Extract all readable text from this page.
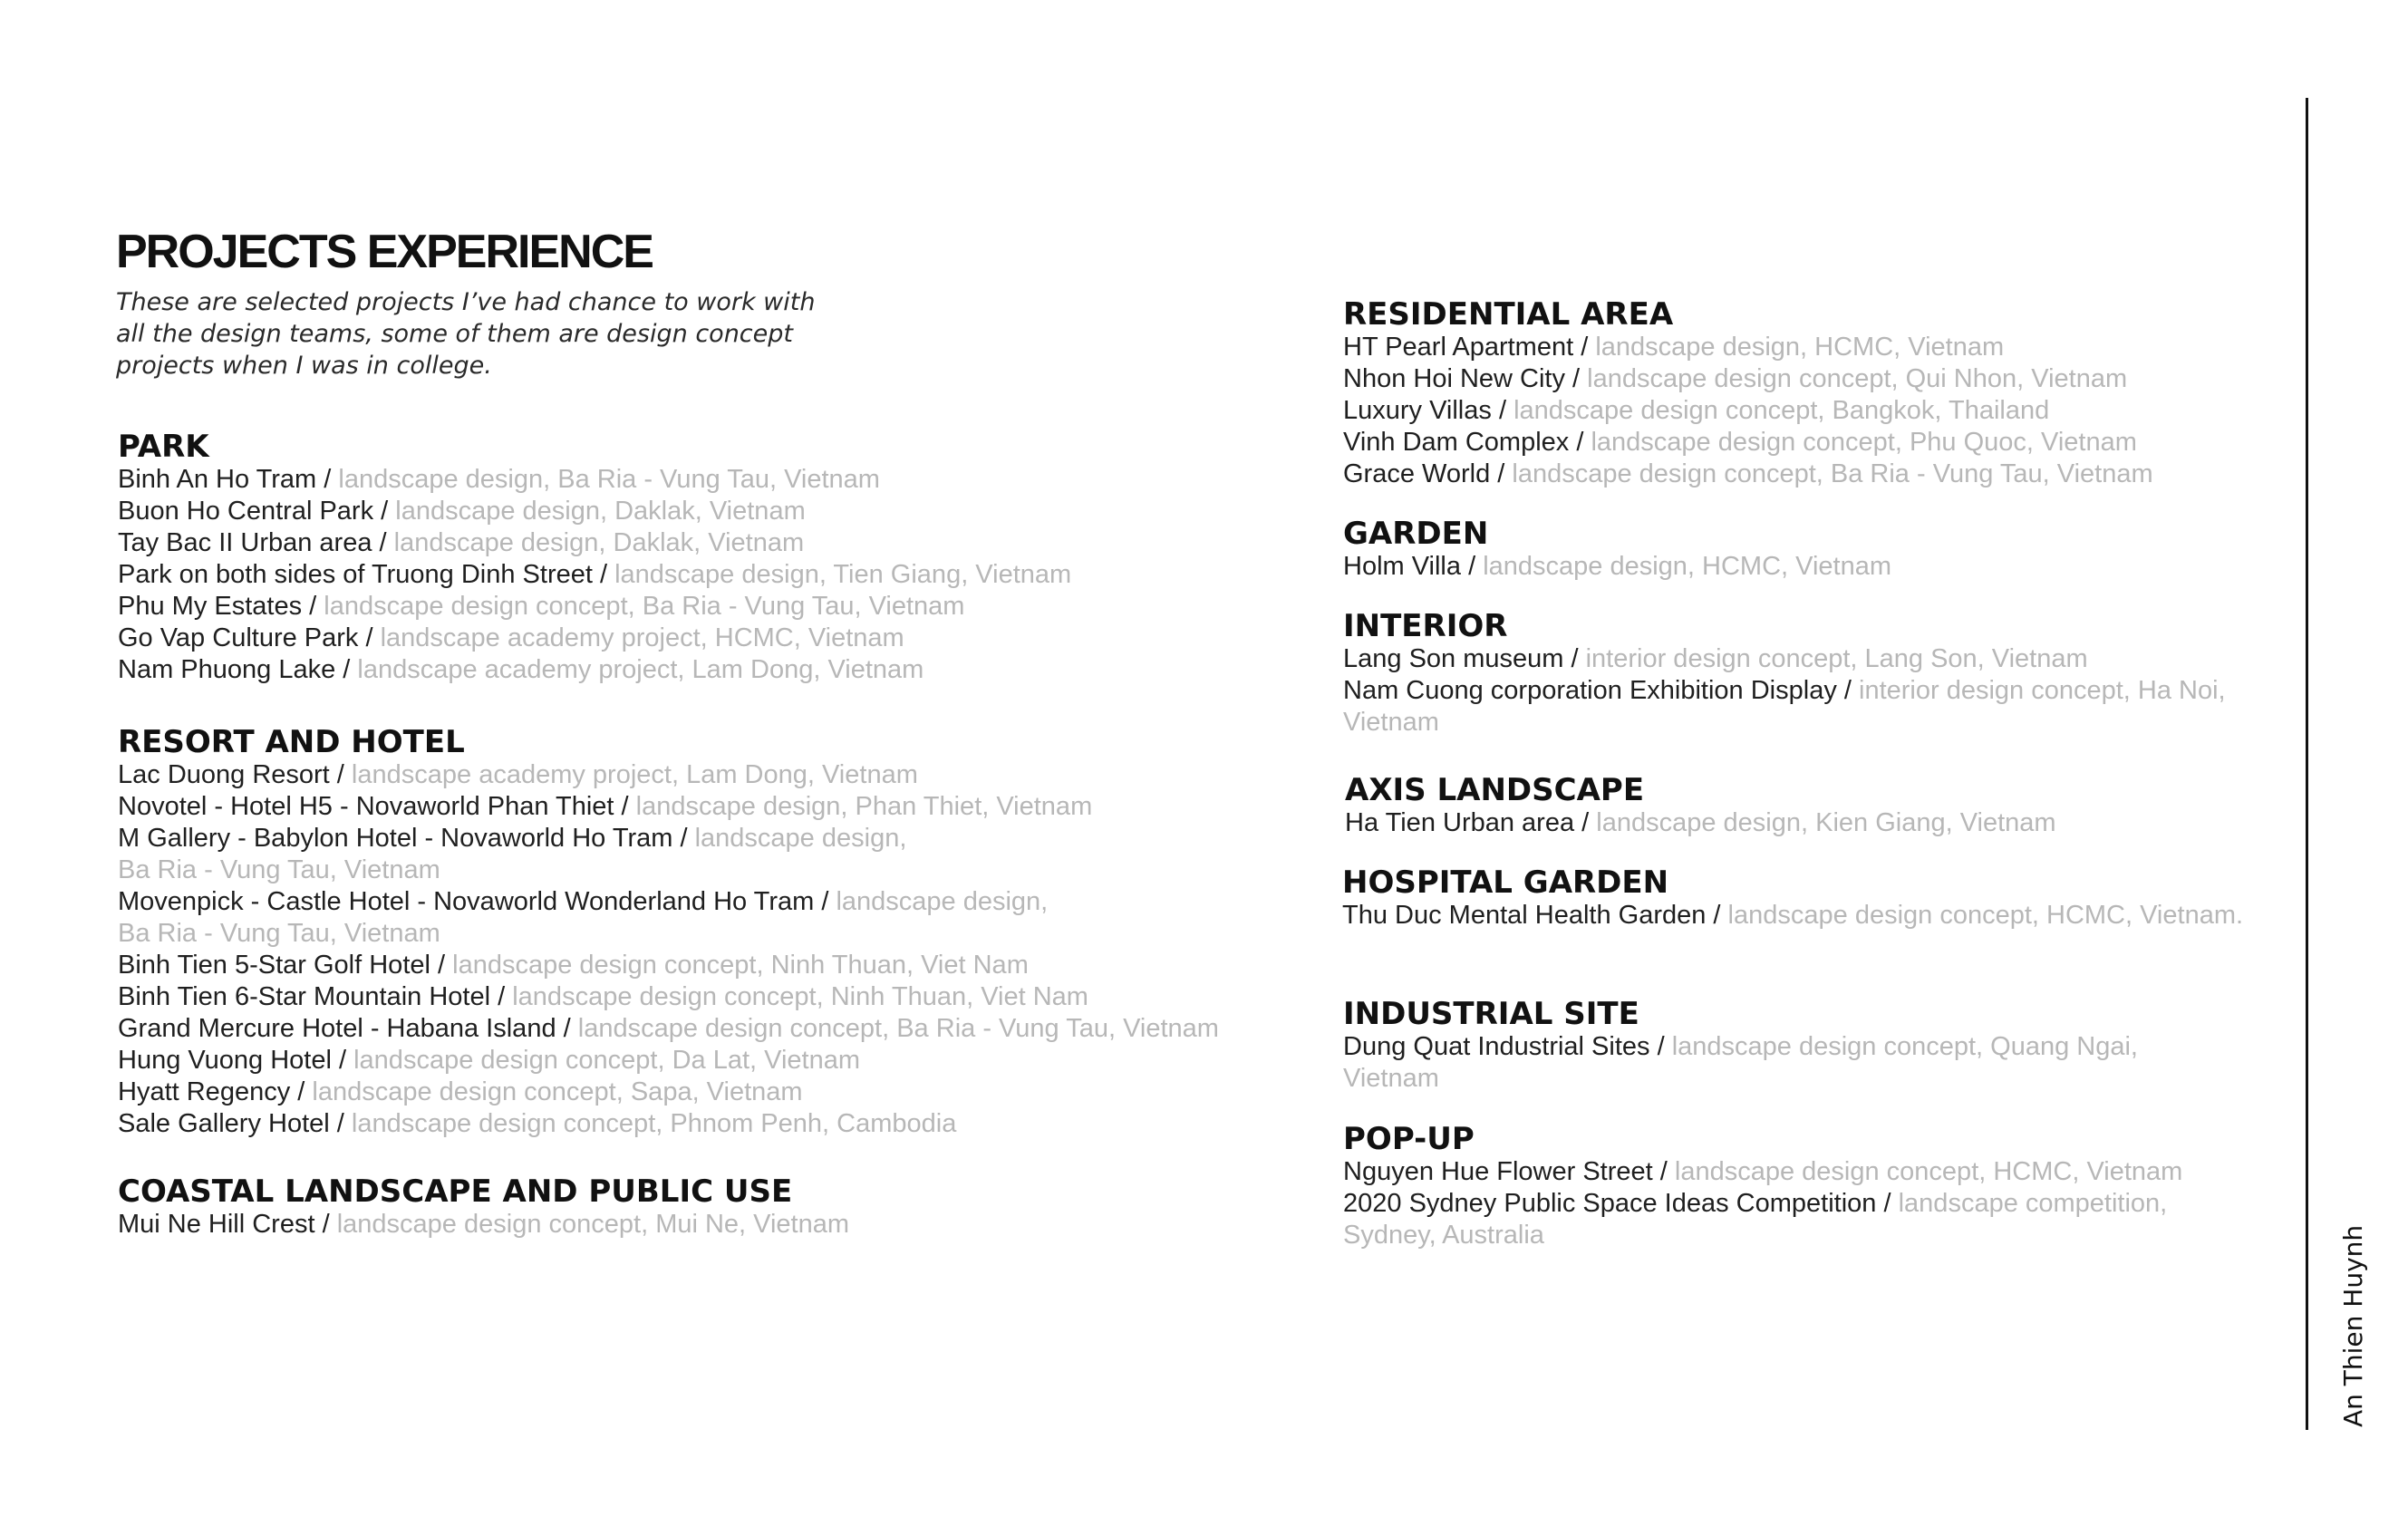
PROJECTS EXPERIENCE
These are selected projects I’ve had chance to work with
all the design teams, some of them are design concept
projects when I was in college.
PARK
Binh An Ho Tram / landscape design, Ba Ria - Vung Tau, Vietnam
Buon Ho Central Park / landscape design, Daklak, Vietnam
Tay Bac II Urban area / landscape design, Daklak, Vietnam
Park on both sides of Truong Dinh Street / landscape design, Tien Giang, Vietnam
Phu My Estates / landscape design concept, Ba Ria - Vung Tau, Vietnam
Go Vap Culture Park / landscape academy project, HCMC, Vietnam
Nam Phuong Lake / landscape academy project, Lam Dong, Vietnam
RESORT AND HOTEL
Lac Duong Resort / landscape academy project, Lam Dong, Vietnam
Novotel - Hotel H5 - Novaworld Phan Thiet / landscape design, Phan Thiet, Vietnam
M Gallery - Babylon Hotel - Novaworld Ho Tram / landscape design,
Ba Ria - Vung Tau, Vietnam
Movenpick - Castle Hotel - Novaworld Wonderland Ho Tram / landscape design,
Ba Ria - Vung Tau, Vietnam
Binh Tien 5-Star Golf Hotel / landscape design concept, Ninh Thuan, Viet Nam
Binh Tien 6-Star Mountain Hotel / landscape design concept, Ninh Thuan, Viet Nam
Grand Mercure Hotel - Habana Island / landscape design concept, Ba Ria - Vung Tau, Vietnam
Hung Vuong Hotel / landscape design concept, Da Lat, Vietnam
Hyatt Regency / landscape design concept, Sapa, Vietnam
Sale Gallery Hotel / landscape design concept, Phnom Penh, Cambodia
COASTAL LANDSCAPE AND PUBLIC USE
Mui Ne Hill Crest / landscape design concept, Mui Ne, Vietnam
RESIDENTIAL AREA
HT Pearl Apartment / landscape design, HCMC, Vietnam
Nhon Hoi New City / landscape design concept, Qui Nhon, Vietnam
Luxury Villas / landscape design concept, Bangkok, Thailand
Vinh Dam Complex / landscape design concept, Phu Quoc, Vietnam
Grace World / landscape design concept, Ba Ria - Vung Tau, Vietnam
GARDEN
Holm Villa / landscape design, HCMC, Vietnam
INTERIOR
Lang Son museum / interior design concept, Lang Son, Vietnam
Nam Cuong corporation Exhibition Display / interior design concept, Ha Noi,
Vietnam
AXIS LANDSCAPE
Ha Tien Urban area / landscape design, Kien Giang, Vietnam
HOSPITAL GARDEN
Thu Duc Mental Health Garden / landscape design concept, HCMC, Vietnam.
INDUSTRIAL SITE
Dung Quat Industrial Sites / landscape design concept, Quang Ngai,
Vietnam
POP-UP
Nguyen Hue Flower Street / landscape design concept, HCMC, Vietnam
2020 Sydney Public Space Ideas Competition / landscape competition,
Sydney, Australia	An Thien Huynh
